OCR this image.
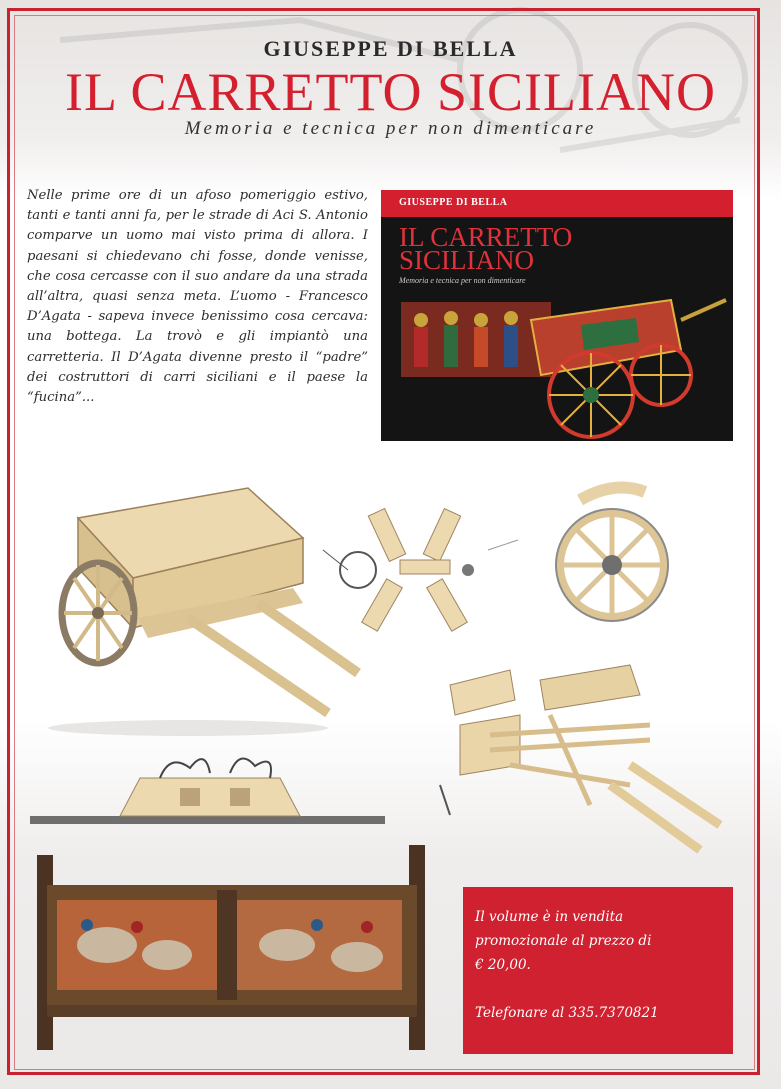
GIUSEPPE DI BELLA
IL CARRETTO SICILIANO
Memoria e tecnica per non dimenticare
Nelle prime ore di un afoso pomeriggio estivo, tanti e tanti anni fa, per le strade di Aci S. Antonio comparve un uomo mai visto prima di allora. I paesani si chiedevano chi fosse, donde venisse, che cosa cercasse con il suo andare da una strada all’altra, quasi senza meta. L’uomo - Francesco D’Agata - sapeva invece benissimo cosa cercava: una bottega. La trovò e gli impiantò una carretteria. Il D’Agata divenne presto il “padre” dei costruttori di carri siciliani e il paese la “fucina”...
GIUSEPPE DI BELLA
IL CARRETTO
SICILIANO
Memoria e tecnica per non dimenticare
Il volume è in vendita
promozionale al prezzo di
€ 20,00.
Telefonare al 335.7370821
